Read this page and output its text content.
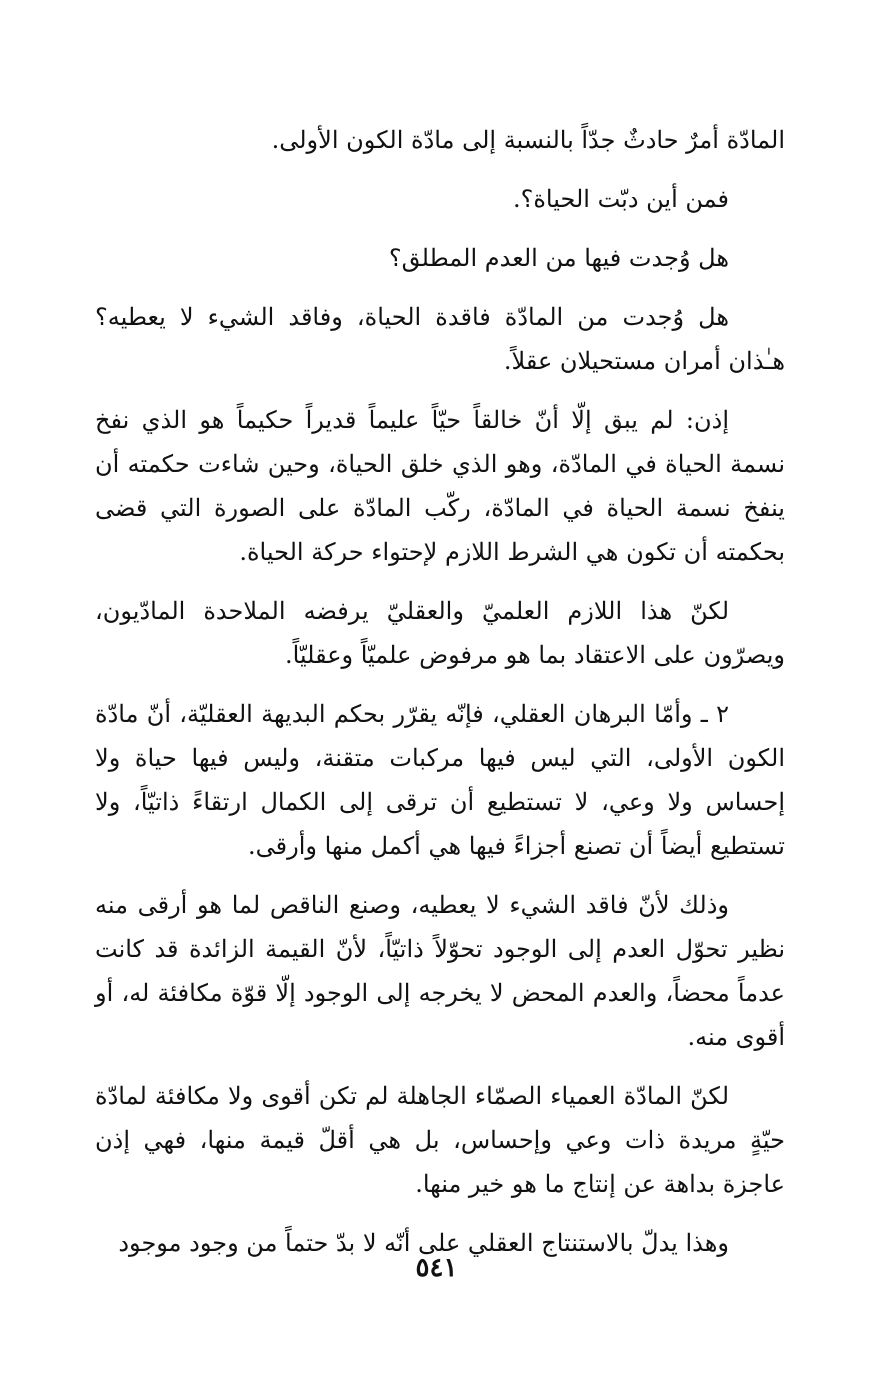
المادّة أمرٌ حادثٌ جدّاً بالنسبة إلى مادّة الكون الأولى.

فمن أين دبّت الحياة؟.

هل وُجدت فيها من العدم المطلق؟

هل وُجدت من المادّة فاقدة الحياة، وفاقد الشيء لا يعطيه؟ هـٰذان أمران مستحيلان عقلاً.

إذن: لم يبق إلّا أنّ خالقاً حيّاً عليماً قديراً حكيماً هو الذي نفخ نسمة الحياة في المادّة، وهو الذي خلق الحياة، وحين شاءت حكمته أن ينفخ نسمة الحياة في المادّة، ركّب المادّة على الصورة التي قضى بحكمته أن تكون هي الشرط اللازم لإحتواء حركة الحياة.

لكنّ هذا اللازم العلميّ والعقليّ يرفضه الملاحدة المادّيون، ويصرّون على الاعتقاد بما هو مرفوض علميّاً وعقليّاً.

٢ ـ وأمّا البرهان العقلي، فإنّه يقرّر بحكم البديهة العقليّة، أنّ مادّة الكون الأولى، التي ليس فيها مركبات متقنة، وليس فيها حياة ولا إحساس ولا وعي، لا تستطيع أن ترقى إلى الكمال ارتقاءً ذاتيّاً، ولا تستطيع أيضاً أن تصنع أجزاءً فيها هي أكمل منها وأرقى.

وذلك لأنّ فاقد الشيء لا يعطيه، وصنع الناقص لما هو أرقى منه نظير تحوّل العدم إلى الوجود تحوّلاً ذاتيّاً، لأنّ القيمة الزائدة قد كانت عدماً محضاً، والعدم المحض لا يخرجه إلى الوجود إلّا قوّة مكافئة له، أو أقوى منه.

لكنّ المادّة العمياء الصمّاء الجاهلة لم تكن أقوى ولا مكافئة لمادّة حيّةٍ مريدة ذات وعي وإحساس، بل هي أقلّ قيمة منها، فهي إذن عاجزة بداهة عن إنتاج ما هو خير منها.

وهذا يدلّ بالاستنتاج العقلي على أنّه لا بدّ حتماً من وجود موجود

٥٤١
